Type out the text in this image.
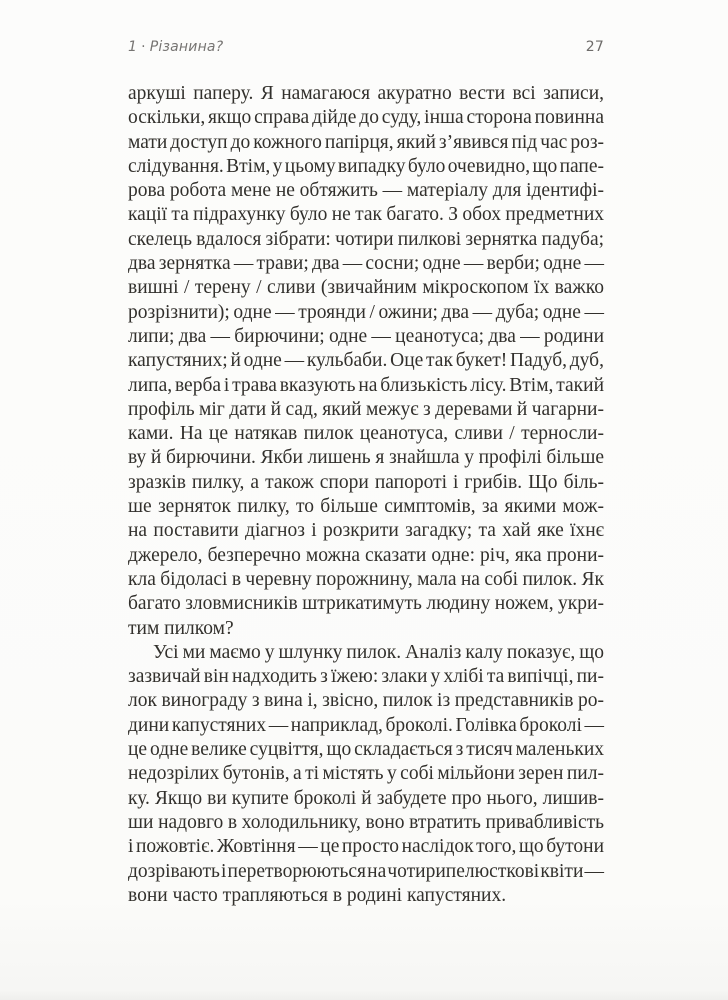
1 · Різанина?	27
аркуші паперу. Я намагаюся акуратно вести всі записи,
оскільки, якщо справа дійде до суду, інша сторона повинна
мати доступ до кожного папірця, який з’явився під час роз-
слідування. Втім, у цьому випадку було очевидно, що папе-
рова робота мене не обтяжить — матеріалу для ідентифі-
кації та підрахунку було не так багато. З обох предметних
скелець вдалося зібрати: чотири пилкові зернятка падуба;
два зернятка — трави; два — сосни; одне — верби; одне —
вишні / терену / сливи (звичайним мікроскопом їх важко
розрізнити); одне — троянди / ожини; два — дуба; одне —
липи; два — бирючини; одне — цеанотуса; два — родини
капустяних; й одне — кульбаби. Оце так букет! Падуб, дуб,
липа, верба і трава вказують на близькість лісу. Втім, такий
профіль міг дати й сад, який межує з деревами й чагарни-
ками. На це натякав пилок цеанотуса, сливи / терносли-
ву й бирючини. Якби лишень я знайшла у профілі більше
зразків пилку, а також спори папороті і грибів. Що біль-
ше зерняток пилку, то більше симптомів, за якими мож-
на поставити діагноз і розкрити загадку; та хай яке їхнє
джерело, безперечно можна сказати одне: річ, яка прони-
кла бідоласі в черевну порожнину, мала на собі пилок. Як
багато зловмисників штрикатимуть людину ножем, укри-
тим пилком?
Усі ми маємо у шлунку пилок. Аналіз калу показує, що
зазвичай він надходить з їжею: злаки у хлібі та випічці, пи-
лок винограду з вина і, звісно, пилок із представників ро-
дини капустяних — наприклад, броколі. Голівка броколі —
це одне велике суцвіття, що складається з тисяч маленьких
недозрілих бутонів, а ті містять у собі мільйони зерен пил-
ку. Якщо ви купите броколі й забудете про нього, лишив-
ши надовго в холодильнику, воно втратить привабливість
і пожовтіє. Жовтіння — це просто наслідок того, що бутони
дозрівають і перетворюються на чотирипелюсткові квіти —
вони часто трапляються в родині капустяних.
